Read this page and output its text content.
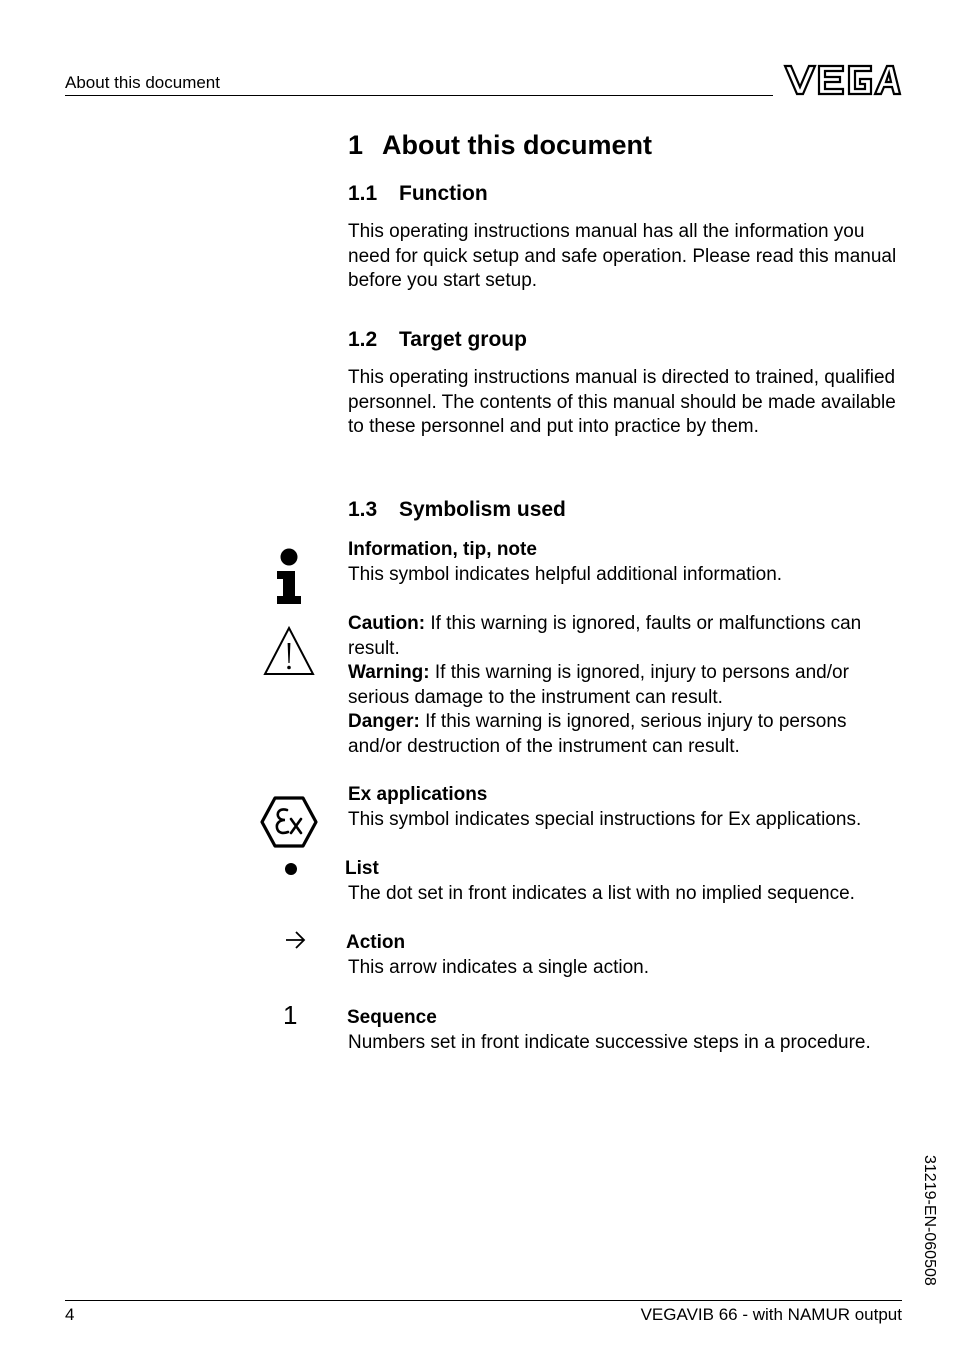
About this document
1 About this document
1.1 Function
This operating instructions manual has all the information you need for quick setup and safe operation. Please read this manual before you start setup.
1.2 Target group
This operating instructions manual is directed to trained, qualified personnel. The contents of this manual should be made available to these personnel and put into practice by them.
1.3 Symbolism used

Information, tip, note

This symbol indicates helpful additional information.

Caution: If this warning is ignored, faults or malfunctions can result.

Warning: If this warning is ignored, injury to persons and/or serious damage to the instrument can result.

Danger: If this warning is ignored, serious injury to persons and/or destruction of the instrument can result.

Ex applications

This symbol indicates special instructions for Ex applications.

List

The dot set in front indicates a list with no implied sequence.

Action

This arrow indicates a single action.
1	Sequence

Numbers set in front indicate successive steps in a procedure.
31219-EN-060508
4	VEGAVIB 66 - with NAMUR output
